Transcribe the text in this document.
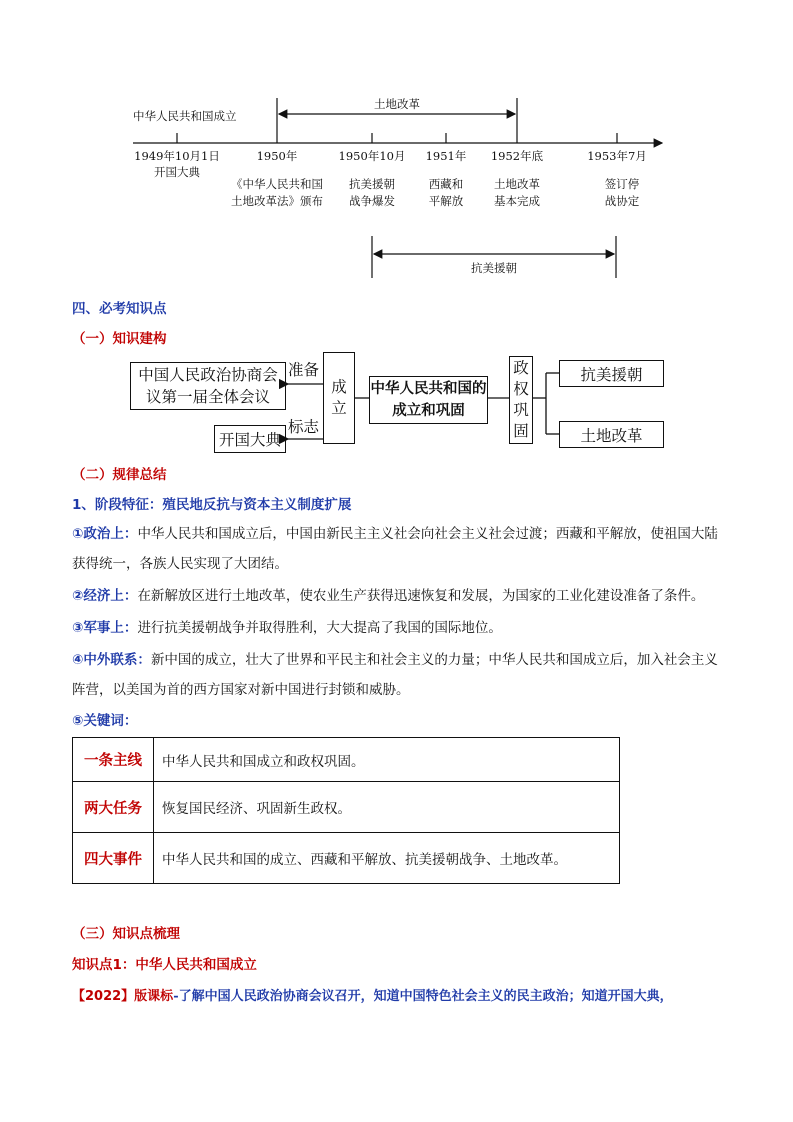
中华人民共和国成立
土地改革
抗美援朝
1949年10月1日	1950年	1950年10月	1951年	1952年底	1953年7月
开国大典
《中华人民共和国
土地改革法》颁布
抗美援朝
战争爆发
西藏和
平解放
土地改革
基本完成
签订停
战协定
四、必考知识点
（一）知识建构
中国人民政治协商会议第一届全体会议
开国大典
准备
标志
成
立
中华人民共和国的成立和巩固
政
权
巩
固
抗美援朝
土地改革
（二）规律总结
1、阶段特征：殖民地反抗与资本主义制度扩展
①政治上：中华人民共和国成立后，中国由新民主主义社会向社会主义社会过渡；西藏和平解放，使祖国大陆获得统一，各族人民实现了大团结。
②经济上：在新解放区进行土地改革，使农业生产获得迅速恢复和发展，为国家的工业化建设准备了条件。
③军事上：进行抗美援朝战争并取得胜利，大大提高了我国的国际地位。
④中外联系：新中国的成立，壮大了世界和平民主和社会主义的力量；中华人民共和国成立后，加入社会主义阵营，以美国为首的西方国家对新中国进行封锁和威胁。
⑤关键词：
一条主线	中华人民共和国成立和政权巩固。
两大任务	恢复国民经济、巩固新生政权。
四大事件	中华人民共和国的成立、西藏和平解放、抗美援朝战争、土地改革。
（三）知识点梳理
知识点1：中华人民共和国成立
【2022】版课标-了解中国人民政治协商会议召开，知道中国特色社会主义的民主政治；知道开国大典，
